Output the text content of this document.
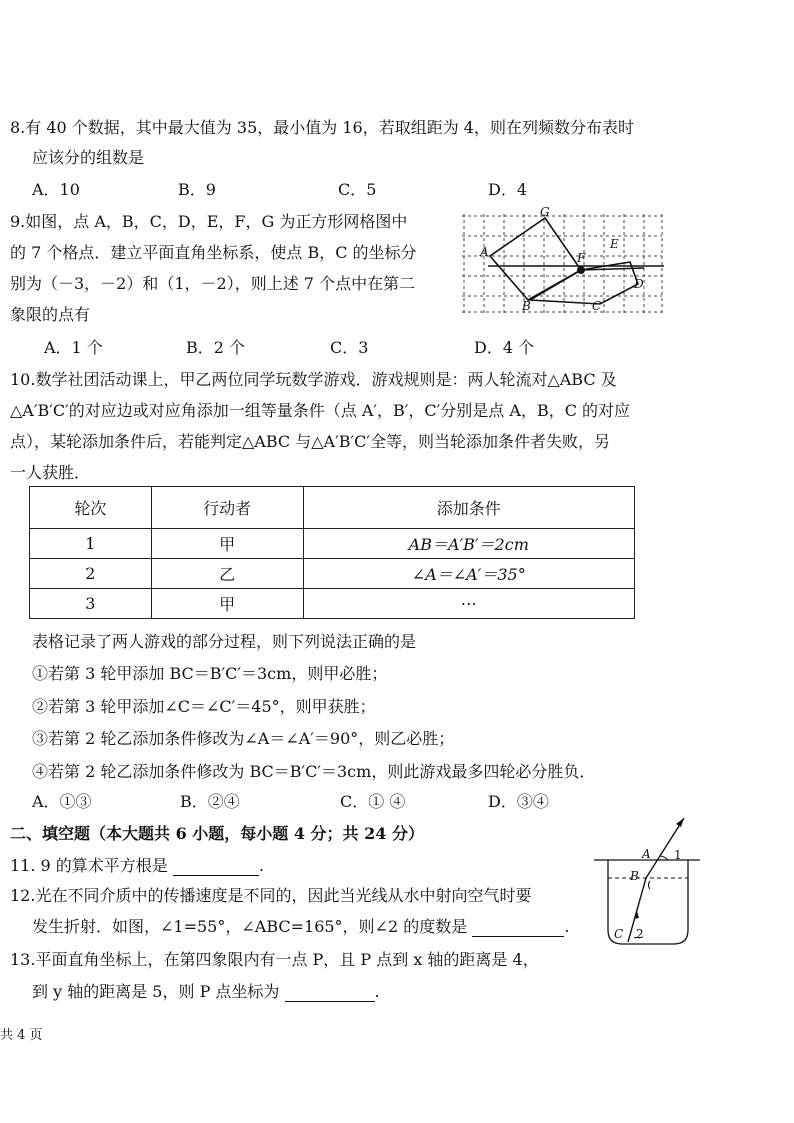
8.有 40 个数据，其中最大值为 35，最小值为 16，若取组距为 4，则在列频数分布表时
应该分的组数是
A．10	B．9	C．5	D．4
9.如图，点 A，B，C，D，E，F，G 为正方形网格图中
的 7 个格点．建立平面直角坐标系，使点 B，C 的坐标分
别为（－3，－2）和（1，－2），则上述 7 个点中在第二
象限的点有
G
A
E
F
D
B	C
A．1 个	B．2 个	C．3	D．4 个
10.数学社团活动课上，甲乙两位同学玩数学游戏．游戏规则是：两人轮流对△ABC 及
△A′B′C′的对应边或对应角添加一组等量条件（点 A′，B′，C′分别是点 A，B，C 的对应
点），某轮添加条件后，若能判定△ABC 与△A′B′C′全等，则当轮添加条件者失败，另
一人获胜．
轮次	行动者	添加条件
1	甲	AB＝A′B′＝2cm
2	乙	∠A＝∠A′＝35°
3	甲	⋯
表格记录了两人游戏的部分过程，则下列说法正确的是
①若第 3 轮甲添加 BC＝B′C′＝3cm，则甲必胜；
②若第 3 轮甲添加∠C＝∠C′＝45°，则甲获胜；
③若第 2 轮乙添加条件修改为∠A＝∠A′＝90°，则乙必胜；
④若第 2 轮乙添加条件修改为 BC＝B′C′＝3cm，则此游戏最多四轮必分胜负．
A．①③	B．②④	C．① ④	D．③④
二、填空题（本大题共 6 小题，每小题 4 分；共 24 分）
11. 9 的算术平方根是	.
12.光在不同介质中的传播速度是不同的，因此当光线从水中射向空气时要
发生折射．如图，∠1=55°，∠ABC=165°，则∠2 的度数是	.
A 1
B
C 2
13.平面直角坐标上，在第四象限内有一点 P，且 P 点到 x 轴的距离是 4，
到 y 轴的距离是 5，则 P 点坐标为	.
共 4 页
